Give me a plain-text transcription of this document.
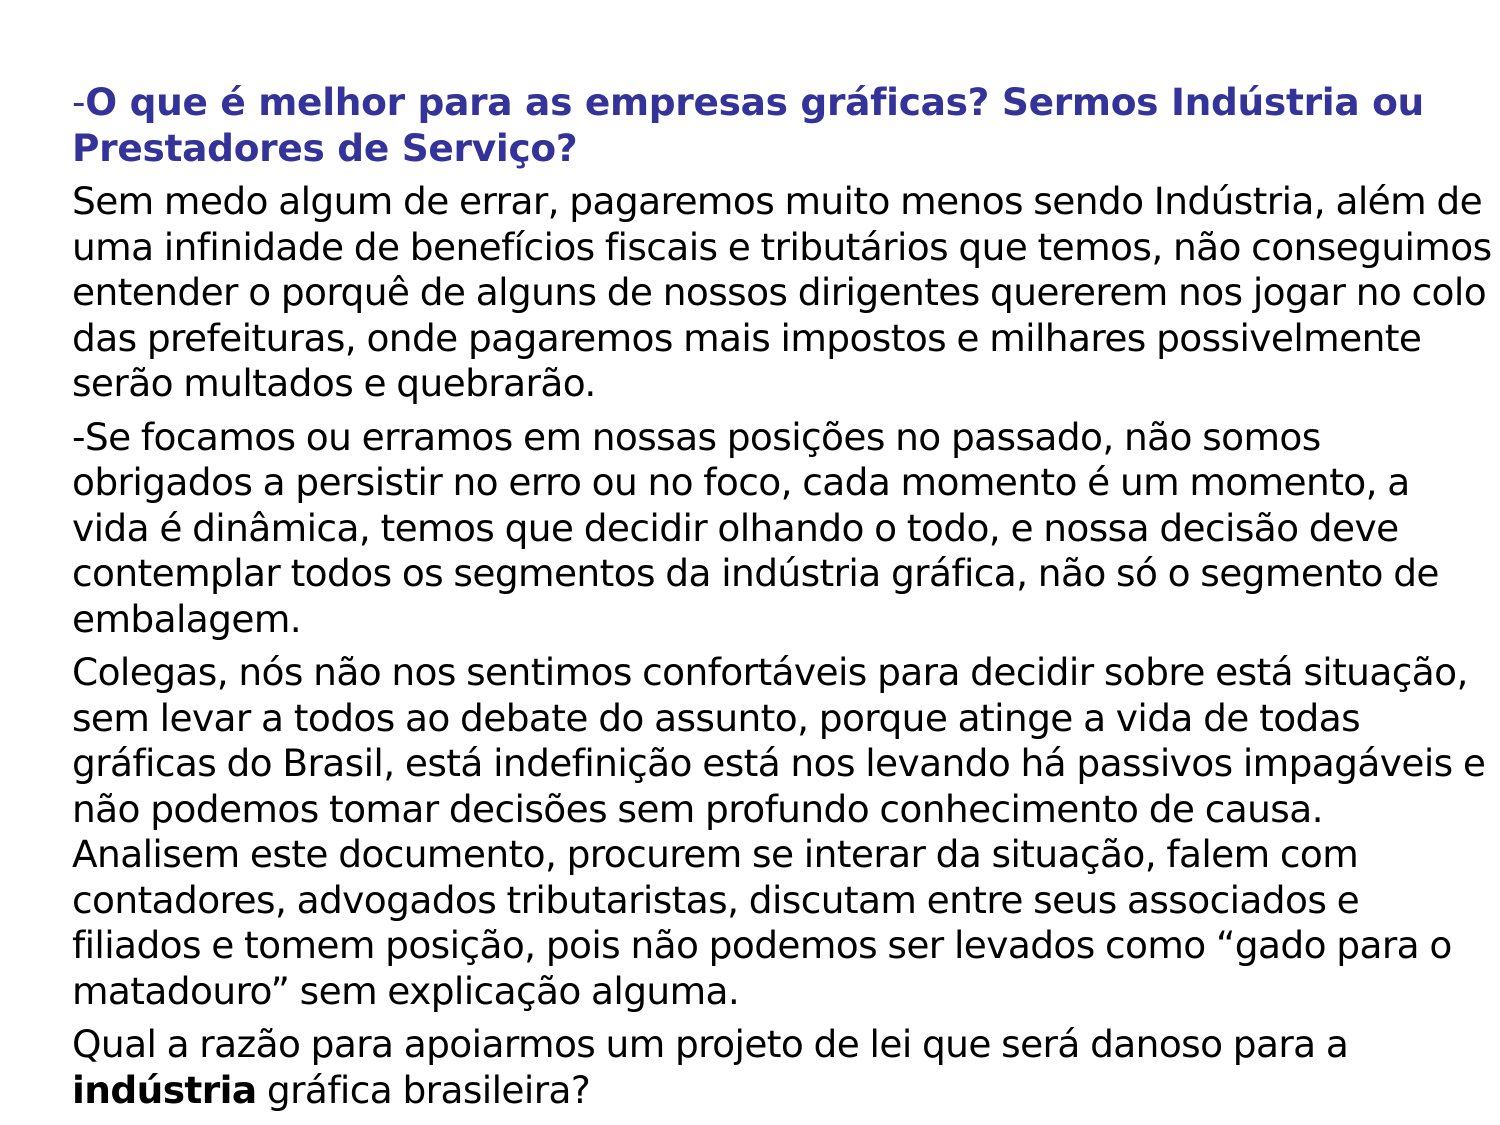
-O que é melhor para as empresas gráficas? Sermos Indústria ou Prestadores de Serviço?

Sem medo algum de errar, pagaremos muito menos sendo Indústria, além de uma infinidade de benefícios fiscais e tributários que temos, não conseguimos entender o porquê de alguns de nossos dirigentes quererem nos jogar no colo das prefeituras, onde pagaremos mais impostos e milhares possivelmente serão multados e quebrarão.

-Se focamos ou erramos em nossas posições no passado, não somos obrigados a persistir no erro ou no foco, cada momento é um momento, a vida é dinâmica, temos que decidir olhando o todo, e nossa decisão deve contemplar todos os segmentos da indústria gráfica, não só o segmento de embalagem.

Colegas, nós não nos sentimos confortáveis para decidir sobre está situação, sem levar a todos ao debate do assunto, porque atinge a vida de todas gráficas do Brasil, está indefinição está nos levando há passivos impagáveis e não podemos tomar decisões sem profundo conhecimento de causa. Analisem este documento, procurem se interar da situação, falem com contadores, advogados tributaristas, discutam entre seus associados e filiados e tomem posição, pois não podemos ser levados como “gado para o matadouro” sem explicação alguma.

Qual a razão para apoiarmos um projeto de lei que será danoso para a indústria gráfica brasileira?
